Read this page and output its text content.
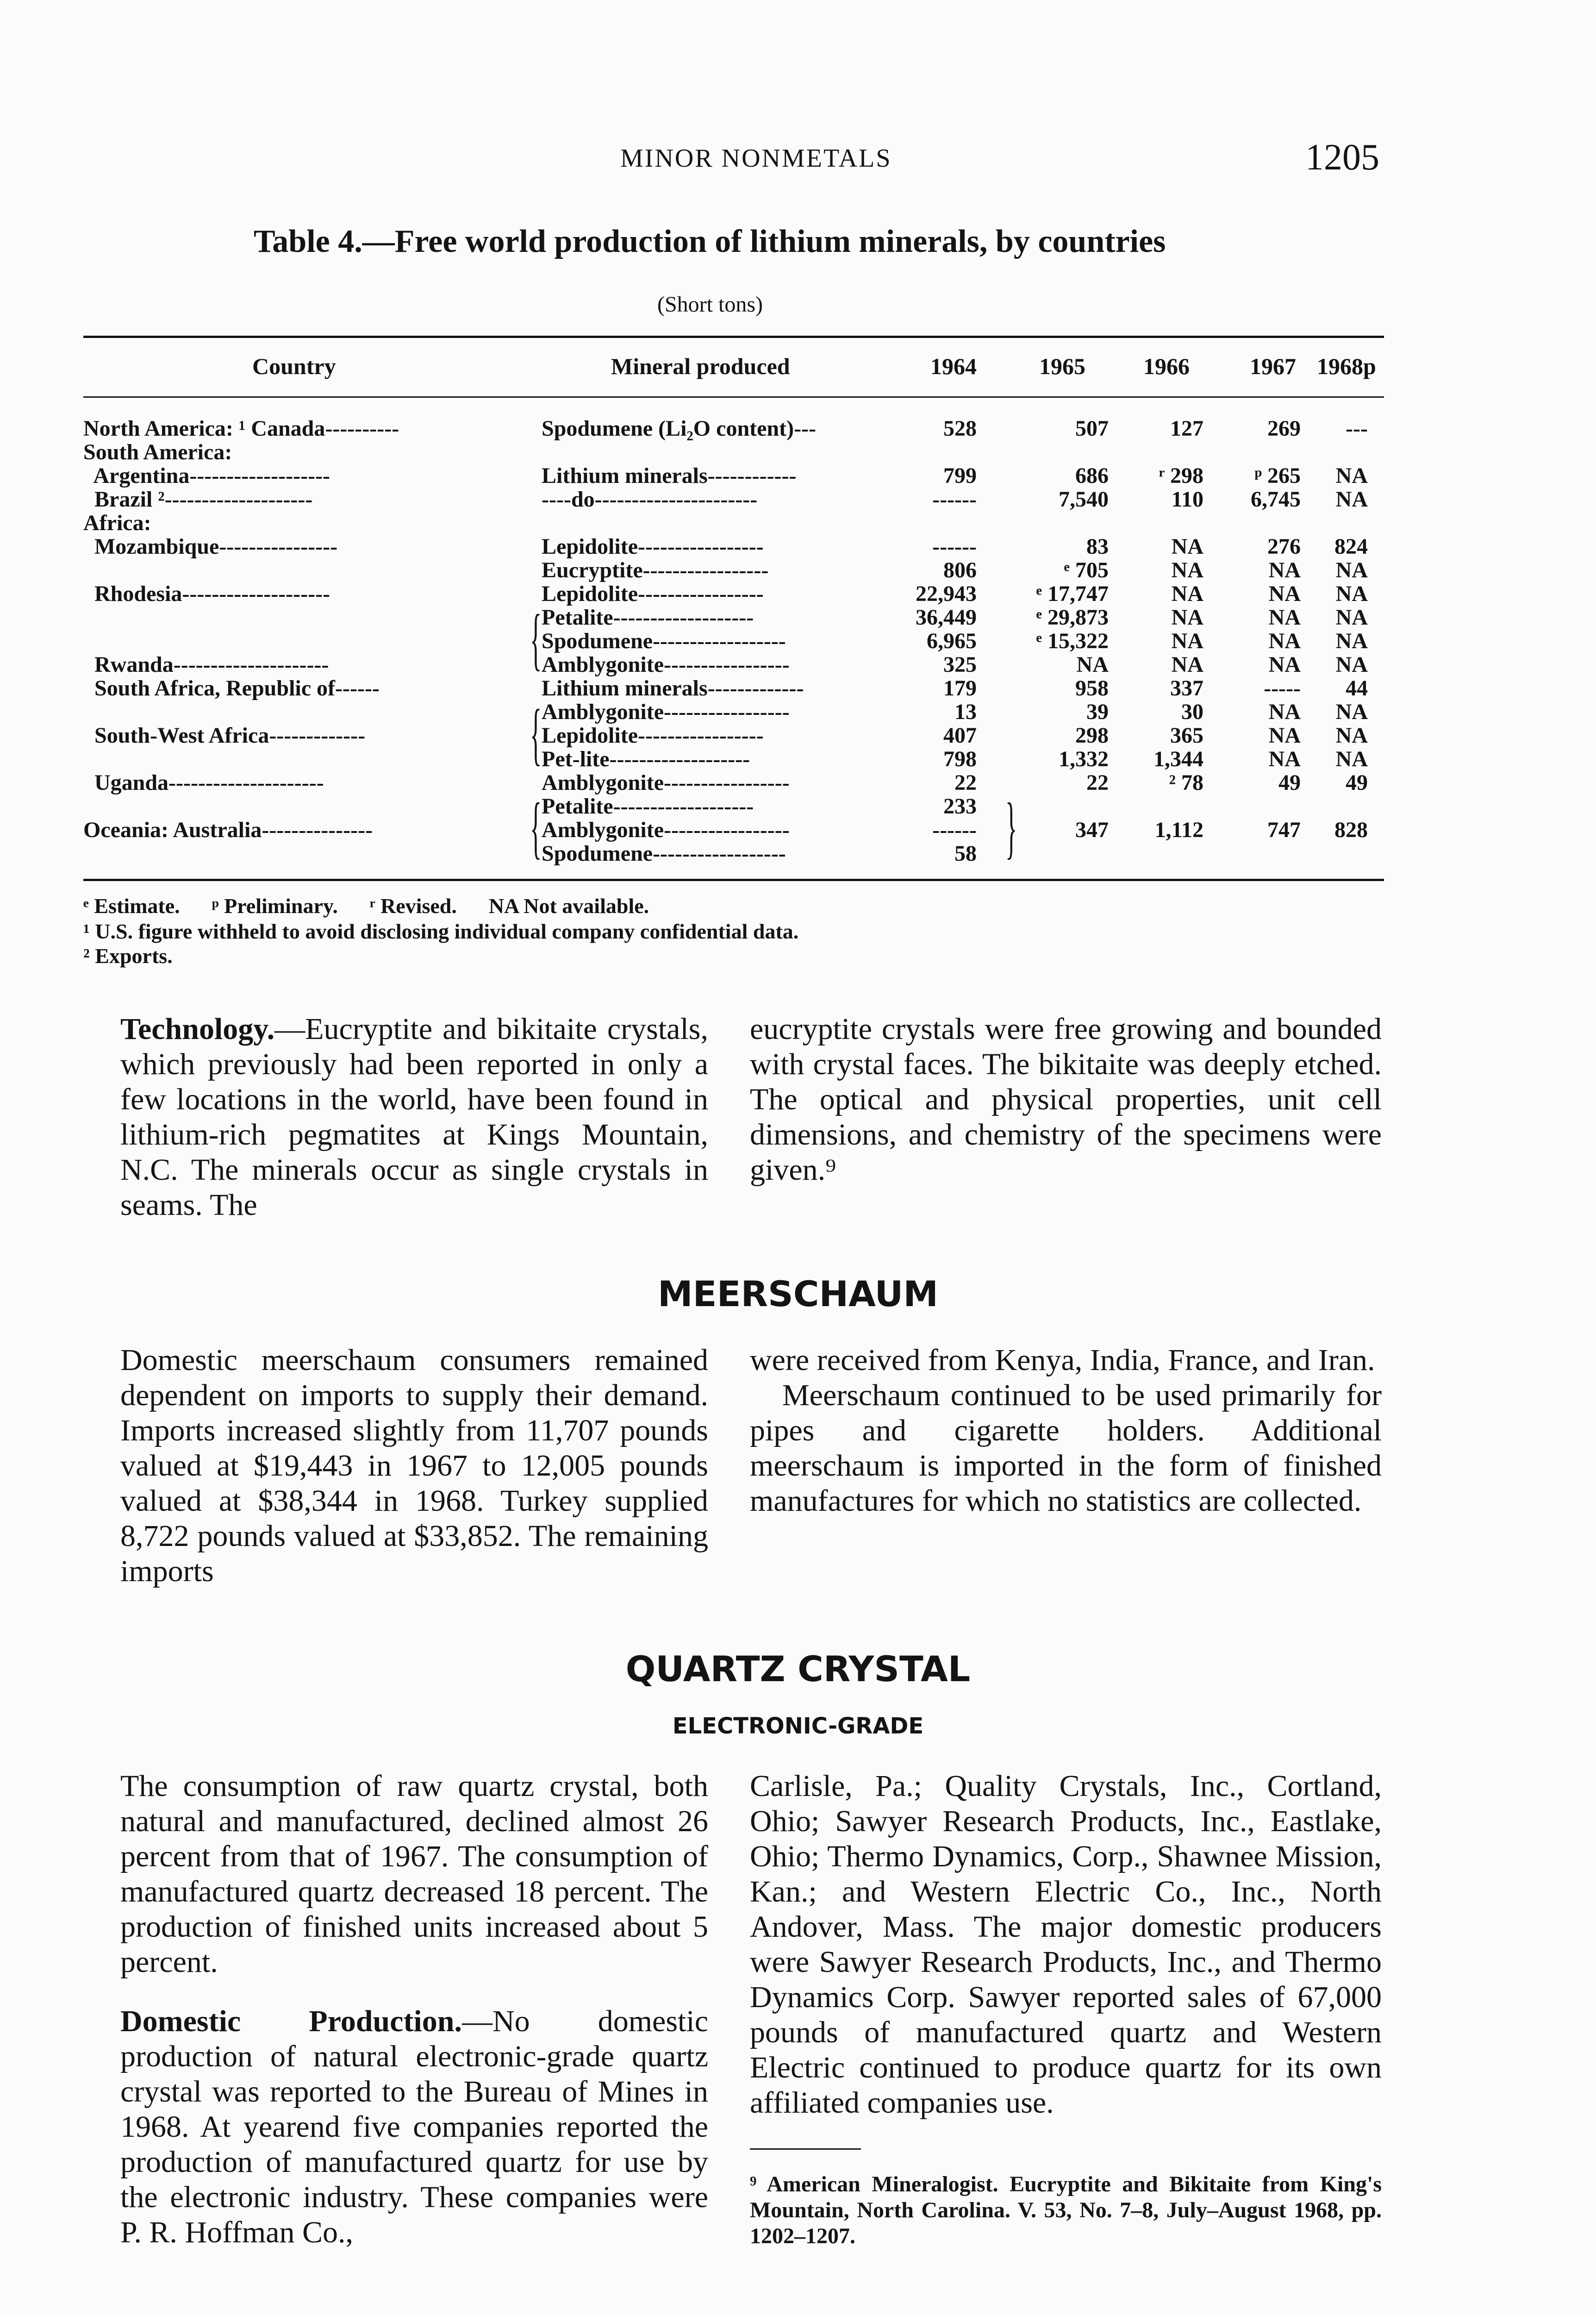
MINOR NONMETALS	1205
Table 4.—Free world production of lithium minerals, by countries
(Short tons)
Country	Mineral produced	1964	1965	1966	1967 1968p
North America: ¹ Canada----------	Spodumene (Li₂O content)---	528	507	127	269	---
South America:
Argentina-------------------	Lithium minerals------------	799	686	ʳ 298	ᵖ 265	NA
Brazil ²--------------------	----do----------------------	------	7,540	110	6,745	NA
Africa:
Mozambique----------------	Lepidolite-----------------	------	83	NA	276	824
Eucryptite-----------------	806	ᵉ 705	NA	NA	NA
Rhodesia--------------------	Lepidolite-----------------	22,943	ᵉ 17,747	NA	NA	NA
Petalite-------------------	36,449	ᵉ 29,873	NA	NA	NA
Spodumene------------------	6,965	ᵉ 15,322	NA	NA	NA
Rwanda---------------------	Amblygonite-----------------	325	NA	NA	NA	NA
South Africa, Republic of------	Lithium minerals-------------	179	958	337	-----	44
Amblygonite-----------------	13	39	30	NA	NA
South-West Africa-------------	Lepidolite-----------------	407	298	365	NA	NA
Pet-lite-------------------	798	1,332	1,344	NA	NA
Uganda---------------------	Amblygonite-----------------	22	22	² 78	49	49
Petalite-------------------	233
Oceania: Australia---------------	Amblygonite-----------------	------	347	1,112	747	828
Spodumene------------------	58
{
{
{	{
ᵉ Estimate.      ᵖ Preliminary.      ʳ Revised.      NA Not available.
¹ U.S. figure withheld to avoid disclosing individual company confidential data.
² Exports.

Technology.—Eucryptite and bikitaite crystals, which previously had been reported in only a few locations in the world, have been found in lithium-rich pegmatites at Kings Mountain, N.C. The minerals occur as single crystals in seams. The

eucryptite crystals were free growing and bounded with crystal faces. The bikitaite was deeply etched. The optical and physical properties, unit cell dimensions, and chemistry of the specimens were given.⁹

MEERSCHAUM

Domestic meerschaum consumers remained dependent on imports to supply their demand. Imports increased slightly from 11,707 pounds valued at $19,443 in 1967 to 12,005 pounds valued at $38,344 in 1968. Turkey supplied 8,722 pounds valued at $33,852. The remaining imports

were received from Kenya, India, France, and Iran.

Meerschaum continued to be used primarily for pipes and cigarette holders. Additional meerschaum is imported in the form of finished manufactures for which no statistics are collected.

QUARTZ CRYSTAL
ELECTRONIC-GRADE

The consumption of raw quartz crystal, both natural and manufactured, declined almost 26 percent from that of 1967. The consumption of manufactured quartz decreased 18 percent. The production of finished units increased about 5 percent.

Domestic Production.—No domestic production of natural electronic-grade quartz crystal was reported to the Bureau of Mines in 1968. At yearend five companies reported the production of manufactured quartz for use by the electronic industry. These companies were P. R. Hoffman Co.,

Carlisle, Pa.; Quality Crystals, Inc., Cortland, Ohio; Sawyer Research Products, Inc., Eastlake, Ohio; Thermo Dynamics, Corp., Shawnee Mission, Kan.; and Western Electric Co., Inc., North Andover, Mass. The major domestic producers were Sawyer Research Products, Inc., and Thermo Dynamics Corp. Sawyer reported sales of 67,000 pounds of manufactured quartz and Western Electric continued to produce quartz for its own affiliated companies use.

⁹ American Mineralogist. Eucryptite and Bikitaite from King's Mountain, North Carolina. V. 53, No. 7–8, July–August 1968, pp. 1202–1207.
